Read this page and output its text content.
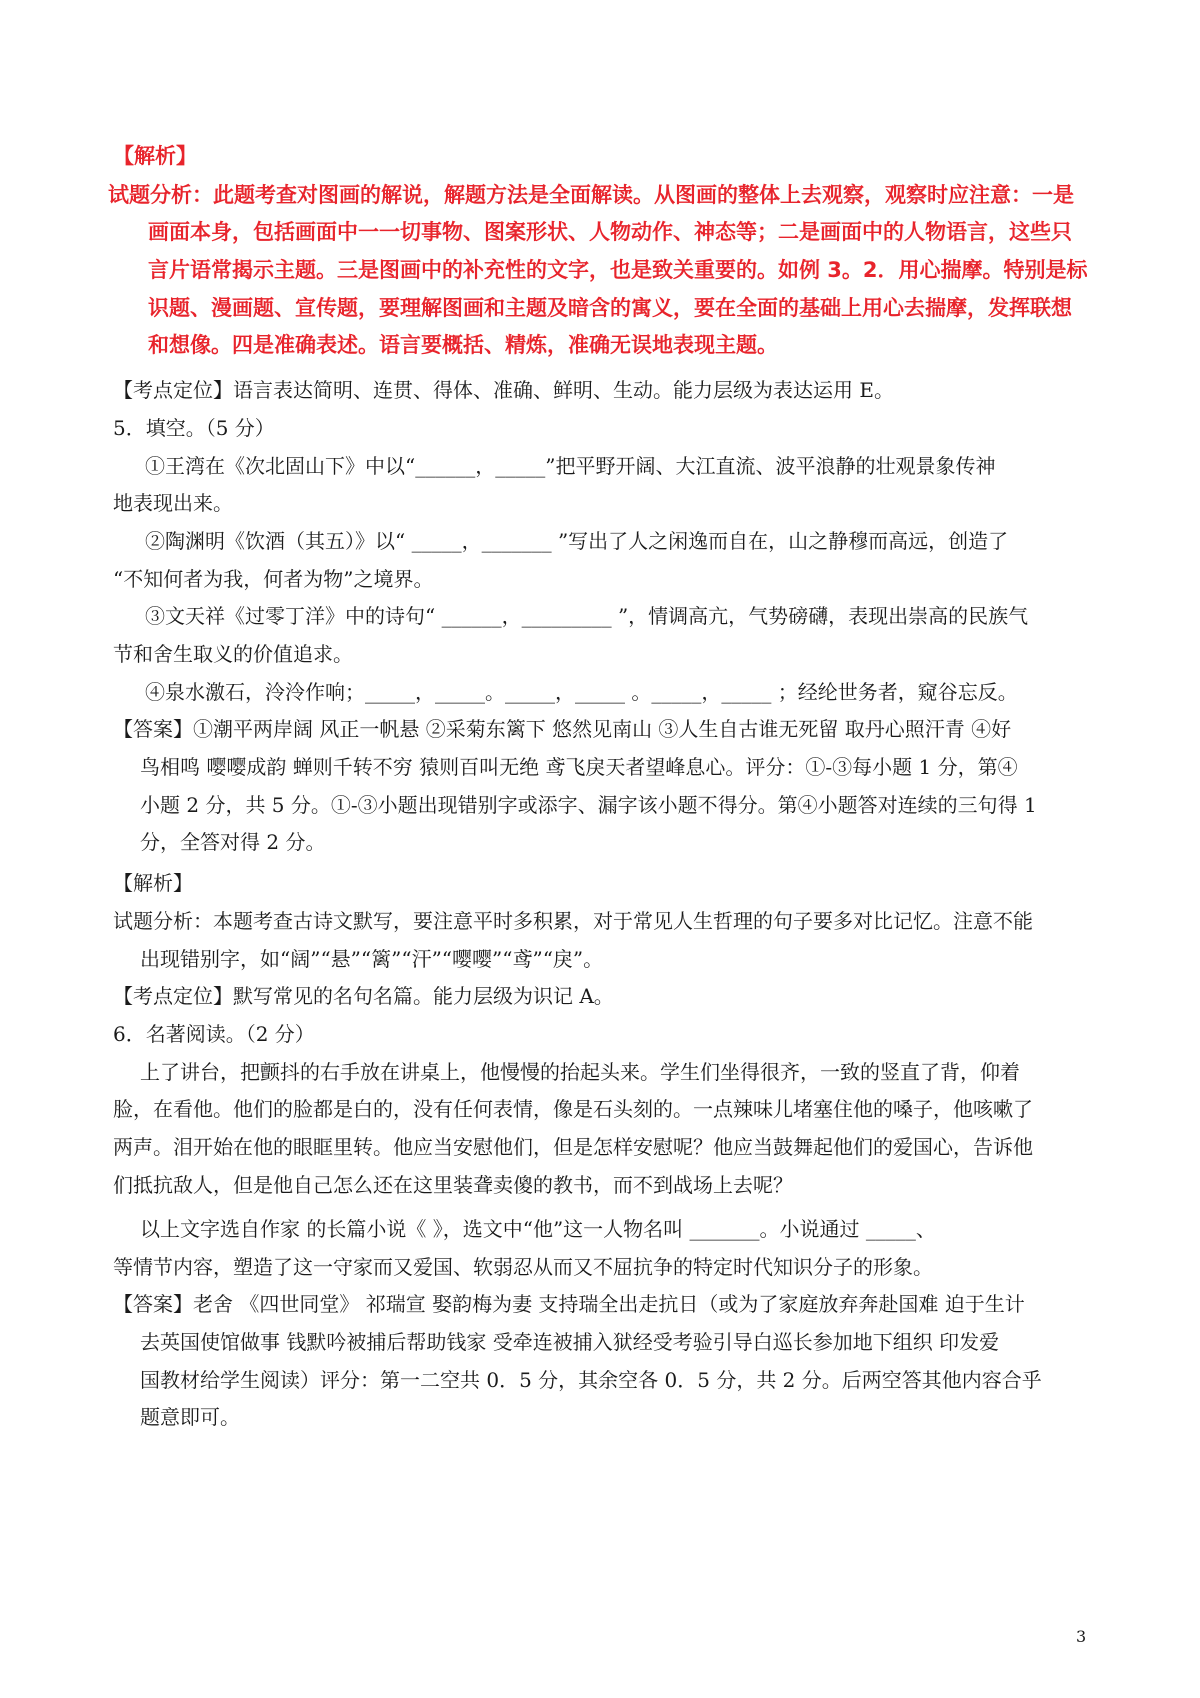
【解析】
试题分析：此题考查对图画的解说，解题方法是全面解读。从图画的整体上去观察，观察时应注意：一是
画面本身，包括画面中一一切事物、图案形状、人物动作、神态等；二是画面中的人物语言，这些只
言片语常揭示主题。三是图画中的补充性的文字，也是致关重要的。如例 3。2．用心揣摩。特别是标
识题、漫画题、宣传题，要理解图画和主题及暗含的寓义，要在全面的基础上用心去揣摩，发挥联想
和想像。四是准确表述。语言要概括、精炼，准确无误地表现主题。
【考点定位】语言表达简明、连贯、得体、准确、鲜明、生动。能力层级为表达运用 E。
5．填空。（5 分）
①王湾在《次北固山下》中以“______，_____”把平野开阔、大江直流、波平浪静的壮观景象传神
地表现出来。
②陶渊明《饮酒（其五）》以“ _____，_______ ”写出了人之闲逸而自在，山之静穆而高远，创造了
“不知何者为我，何者为物”之境界。
③文天祥《过零丁洋》中的诗句“ ______，_________ ”，情调高亢，气势磅礴，表现出崇高的民族气
节和舍生取义的价值追求。
④泉水激石，泠泠作响；_____，_____。_____，_____ 。_____，_____ ；经纶世务者，窥谷忘反。
【答案】①潮平两岸阔 风正一帆悬 ②采菊东篱下 悠然见南山 ③人生自古谁无死留 取丹心照汗青 ④好
鸟相鸣 嘤嘤成韵 蝉则千转不穷 猿则百叫无绝 鸢飞戾天者望峰息心。评分：①-③每小题 1 分，第④
小题 2 分，共 5 分。①-③小题出现错别字或添字、漏字该小题不得分。第④小题答对连续的三句得 1
分，全答对得 2 分。
【解析】
试题分析：本题考查古诗文默写，要注意平时多积累，对于常见人生哲理的句子要多对比记忆。注意不能
出现错别字，如“阔”“悬”“篱”“汗”“嘤嘤”“鸢”“戾”。
【考点定位】默写常见的名句名篇。能力层级为识记 A。
6．名著阅读。（2 分）
上了讲台，把颤抖的右手放在讲桌上，他慢慢的抬起头来。学生们坐得很齐，一致的竖直了背，仰着
脸，在看他。他们的脸都是白的，没有任何表情，像是石头刻的。一点辣味儿堵塞住他的嗓子，他咳嗽了
两声。泪开始在他的眼眶里转。他应当安慰他们，但是怎样安慰呢？他应当鼓舞起他们的爱国心，告诉他
们抵抗敌人，但是他自己怎么还在这里装聋卖傻的教书，而不到战场上去呢？
以上文字选自作家 的长篇小说《 》，选文中“他”这一人物名叫 _______。小说通过 _____、
等情节内容，塑造了这一守家而又爱国、软弱忍从而又不屈抗争的特定时代知识分子的形象。
【答案】老舍 《四世同堂》 祁瑞宣 娶韵梅为妻 支持瑞全出走抗日（或为了家庭放弃奔赴国难 迫于生计
去英国使馆做事 钱默吟被捕后帮助钱家 受牵连被捕入狱经受考验引导白巡长参加地下组织 印发爱
国教材给学生阅读）评分：第一二空共 0．5 分，其余空各 0．5 分，共 2 分。后两空答其他内容合乎
题意即可。
3
